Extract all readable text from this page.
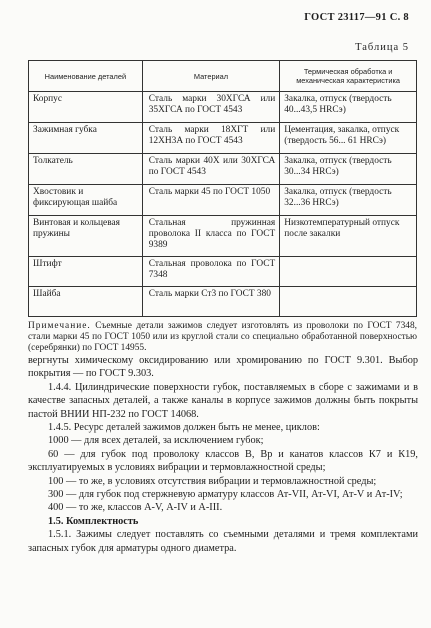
ГОСТ 23117—91 С. 8
Таблица 5
Наименование деталей	Материал	Термическая обработка и механическая характеристика
Корпус	Сталь марки 30ХГСА или 35ХГСА по ГОСТ 4543	Закалка, отпуск (твердость 40...43,5 HRCэ)
Зажимная губка	Сталь марки 18ХГТ или 12ХН3А по ГОСТ 4543	Цементация, закалка, отпуск (твердость 56... 61 HRCэ)
Толкатель	Сталь марки 40Х или 30ХГСА по ГОСТ 4543	Закалка, отпуск (твердость 30...34 HRCэ)
Хвостовик и фиксирующая шайба	Сталь марки 45 по ГОСТ 1050	Закалка, отпуск (твердость 32...36 HRCэ)
Винтовая и кольцевая пружины	Стальная пружинная проволока II класса по ГОСТ 9389	Низкотемпературный отпуск после закалки
Штифт	Стальная проволока по ГОСТ 7348	
Шайба	Сталь марки Ст3 по ГОСТ 380	
Примечание. Съемные детали зажимов следует изготовлять из проволоки по ГОСТ 7348, стали марки 45 по ГОСТ 1050 или из круглой стали со специально обработанной поверхностью (серебрянки) по ГОСТ 14955.

вергнуты химическому оксидированию или хромированию по ГОСТ 9.301. Выбор покрытия — по ГОСТ 9.303.

1.4.4. Цилиндрические поверхности губок, поставляемых в сборе с зажимами и в качестве запасных деталей, а также каналы в корпусе зажимов должны быть покрыты пастой ВНИИ НП-232 по ГОСТ 14068.

1.4.5. Ресурс деталей зажимов должен быть не менее, циклов:

1000 — для всех деталей, за исключением губок;

60 — для губок под проволоку классов В, Вр и канатов классов К7 и К19, эксплуатируемых в условиях вибрации и термовлажностной среды;

100 — то же, в условиях отсутствия вибрации и термовлажностной среды;

300 — для губок под стержневую арматуру классов Ат-VII, Ат-VI, Ат-V и Ат-IV;

400 — то же, классов А-V, А-IV и А-III.

1.5. Комплектность

1.5.1. Зажимы следует поставлять со съемными деталями и тремя комплектами запасных губок для арматуры одного диаметра.
